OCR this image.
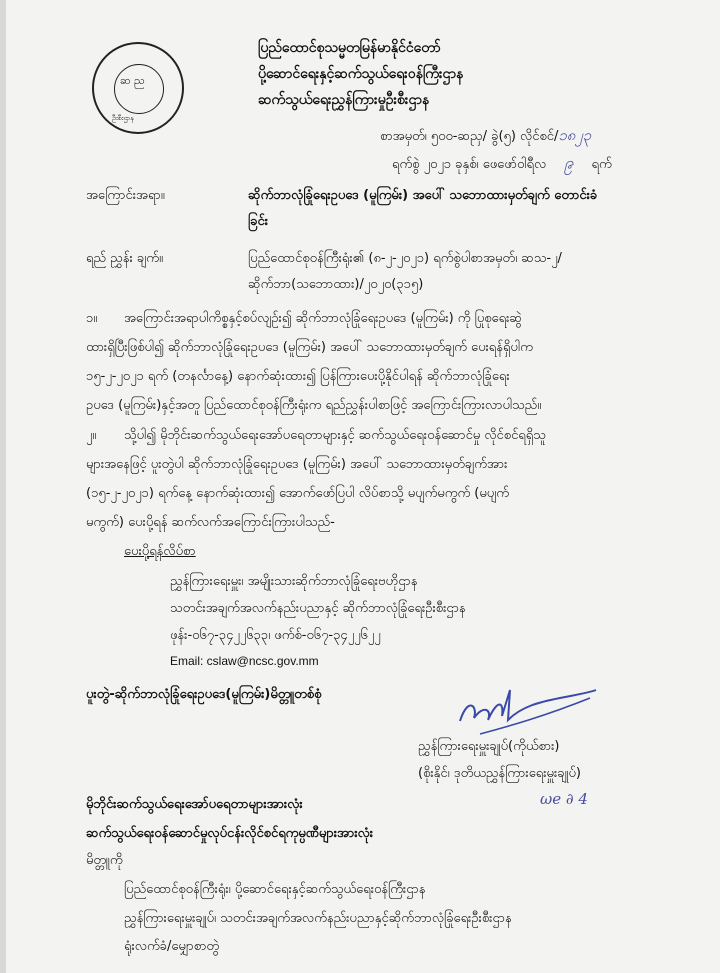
ဆ ည
ဦးစီးဌာန
ပြည်ထောင်စုသမ္မတမြန်မာနိုင်ငံတော်
ပို့ဆောင်ရေးနှင့်ဆက်သွယ်ရေးဝန်ကြီးဌာန
ဆက်သွယ်ရေးညွှန်ကြားမှုဦးစီးဌာန
စာအမှတ်၊ ၅၀၀-ဆညှ/ ခွဲ(၅) လိုင်စင်/၁၈၂၃
ရက်စွဲ ၂၀၂၁ ခုနှစ်၊ ဖေဖော်ဝါရီလ ၉ ရက်
အကြောင်းအရာ။	ဆိုက်ဘာလုံခြုံရေးဥပဒေ (မူကြမ်း) အပေါ် သဘောထားမှတ်ချက် တောင်းခံ
ခြင်း
ရည် ညွှန်း ချက်။	ပြည်ထောင်စုဝန်ကြီးရုံး၏ (၈-၂-၂၀၂၁) ရက်စွဲပါစာအမှတ်၊ ဆသ-၂/
ဆိုက်ဘာ(သဘောထား)/၂၀၂၀(၃၁၅)
၁။ အကြောင်းအရာပါကိစ္စနှင့်စပ်လျဉ်း၍ ဆိုက်ဘာလုံခြုံရေးဥပဒေ (မူကြမ်း) ကို ပြုစုရေးဆွဲ
ထားရှိပြီးဖြစ်ပါ၍ ဆိုက်ဘာလုံခြုံရေးဥပဒေ (မူကြမ်း) အပေါ် သဘောထားမှတ်ချက် ပေးရန်ရှိပါက
၁၅-၂-၂၀၂၁ ရက် (တနင်္လာနေ့) နောက်ဆုံးထား၍ ပြန်ကြားပေးပို့နိုင်ပါရန် ဆိုက်ဘာလုံခြုံရေး
ဥပဒေ (မူကြမ်း)နှင့်အတူ ပြည်ထောင်စုဝန်ကြီးရုံးက ရည်ညွှန်းပါစာဖြင့် အကြောင်းကြားလာပါသည်။
၂။ သို့ပါ၍ မိုဘိုင်းဆက်သွယ်ရေးအော်ပရေတာများနှင့် ဆက်သွယ်ရေးဝန်ဆောင်မှု လိုင်စင်ရရှိသူ
များအနေဖြင့် ပူးတွဲပါ ဆိုက်ဘာလုံခြုံရေးဥပဒေ (မူကြမ်း) အပေါ် သဘောထားမှတ်ချက်အား
(၁၅-၂-၂၀၂၁) ရက်နေ့ နောက်ဆုံးထား၍ အောက်ဖော်ပြပါ လိပ်စာသို့ မပျက်မကွက် (မပျက်
မကွက်) ပေးပို့ရန် ဆက်လက်အကြောင်းကြားပါသည်-
ပေးပို့ရန်လိပ်စာ
ညွှန်ကြားရေးမှူး၊ အမျိုးသားဆိုက်ဘာလုံခြုံရေးဗဟိုဌာန
သတင်းအချက်အလက်နည်းပညာနှင့် ဆိုက်ဘာလုံခြုံရေးဦးစီးဌာန
ဖုန်း-၀၆၇-၃၄၂၂၆၃၃၊ ဖက်စ်-၀၆၇-၃၄၂၂၆၂၂
Email: cslaw@ncsc.gov.mm
ပူးတွဲ-ဆိုက်ဘာလုံခြုံရေးဥပဒေ(မူကြမ်း)မိတ္တူတစ်စုံ
ညွှန်ကြားရေးမှူးချုပ်(ကိုယ်စား)
(စိုးနိုင်၊ ဒုတိယညွှန်ကြားရေးမှူးချုပ်)
ωe ∂ 4
မိုဘိုင်းဆက်သွယ်ရေးအော်ပရေတာများအားလုံး
ဆက်သွယ်ရေးဝန်ဆောင်မှုလုပ်ငန်းလိုင်စင်ရကုမ္ပဏီများအားလုံး
မိတ္တူကို
ပြည်ထောင်စုဝန်ကြီးရုံး၊ ပို့ဆောင်ရေးနှင့်ဆက်သွယ်ရေးဝန်ကြီးဌာန
ညွှန်ကြားရေးမှူးချုပ်၊ သတင်းအချက်အလက်နည်းပညာနှင့်ဆိုက်ဘာလုံခြုံရေးဦးစီးဌာန
ရုံးလက်ခံ/မျှောစာတွဲ
